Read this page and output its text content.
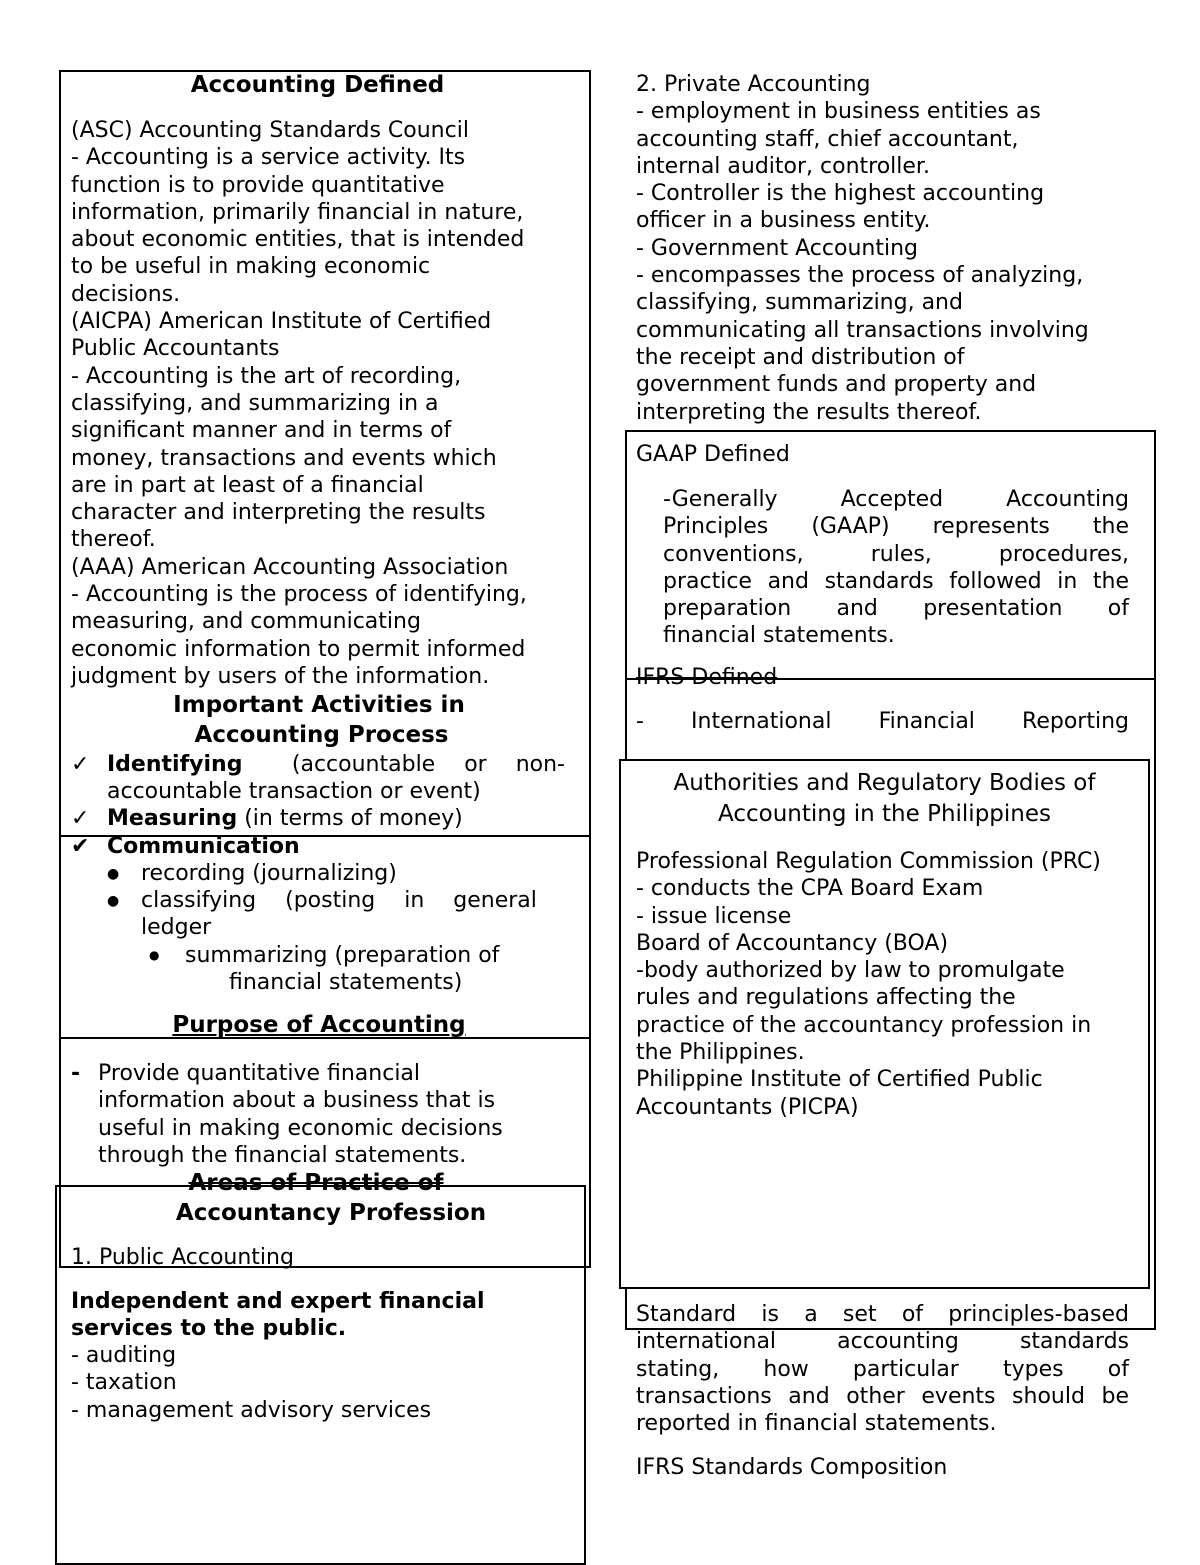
Accounting Defined
(ASC) Accounting Standards Council
- Accounting is a service activity. Its
function is to provide quantitative
information, primarily financial in nature,
about economic entities, that is intended
to be useful in making economic
decisions.
(AICPA) American Institute of Certified
Public Accountants
- Accounting is the art of recording,
classifying, and summarizing in a
significant manner and in terms of
money, transactions and events which
are in part at least of a financial
character and interpreting the results
thereof.
(AAA) American Accounting Association
- Accounting is the process of identifying,
measuring, and communicating
economic information to permit informed
judgment by users of the information.
Important Activities in
Accounting Process
✓ Identifying (accountable or non-
accountable transaction or event)
✓ Measuring (in terms of money)
✔ Communication
● recording (journalizing)
● classifying (posting in general
ledger
● summarizing (preparation of
financial statements)
Purpose of Accounting
- Provide quantitative financial
information about a business that is
useful in making economic decisions
through the financial statements.
Areas of Practice of
Accountancy Profession
1. Public Accounting
Independent and expert financial
services to the public.
- auditing
- taxation
- management advisory services
2. Private Accounting
- employment in business entities as
accounting staff, chief accountant,
internal auditor, controller.
- Controller is the highest accounting
officer in a business entity.
- Government Accounting
- encompasses the process of analyzing,
classifying, summarizing, and
communicating all transactions involving
the receipt and distribution of
government funds and property and
interpreting the results thereof.
GAAP Defined
-Generally Accepted Accounting
Principles (GAAP) represents the
conventions, rules, procedures,
practice and standards followed in the
preparation and presentation of
financial statements.
IFRS Defined
- International Financial Reporting
Authorities and Regulatory Bodies of
Accounting in the Philippines
Professional Regulation Commission (PRC)
- conducts the CPA Board Exam
- issue license
Board of Accountancy (BOA)
-body authorized by law to promulgate
rules and regulations affecting the
practice of the accountancy profession in
the Philippines.
Philippine Institute of Certified Public
Accountants (PICPA)
Standard is a set of principles-based
international accounting standards
stating, how particular types of
transactions and other events should be
reported in financial statements.
IFRS Standards Composition
